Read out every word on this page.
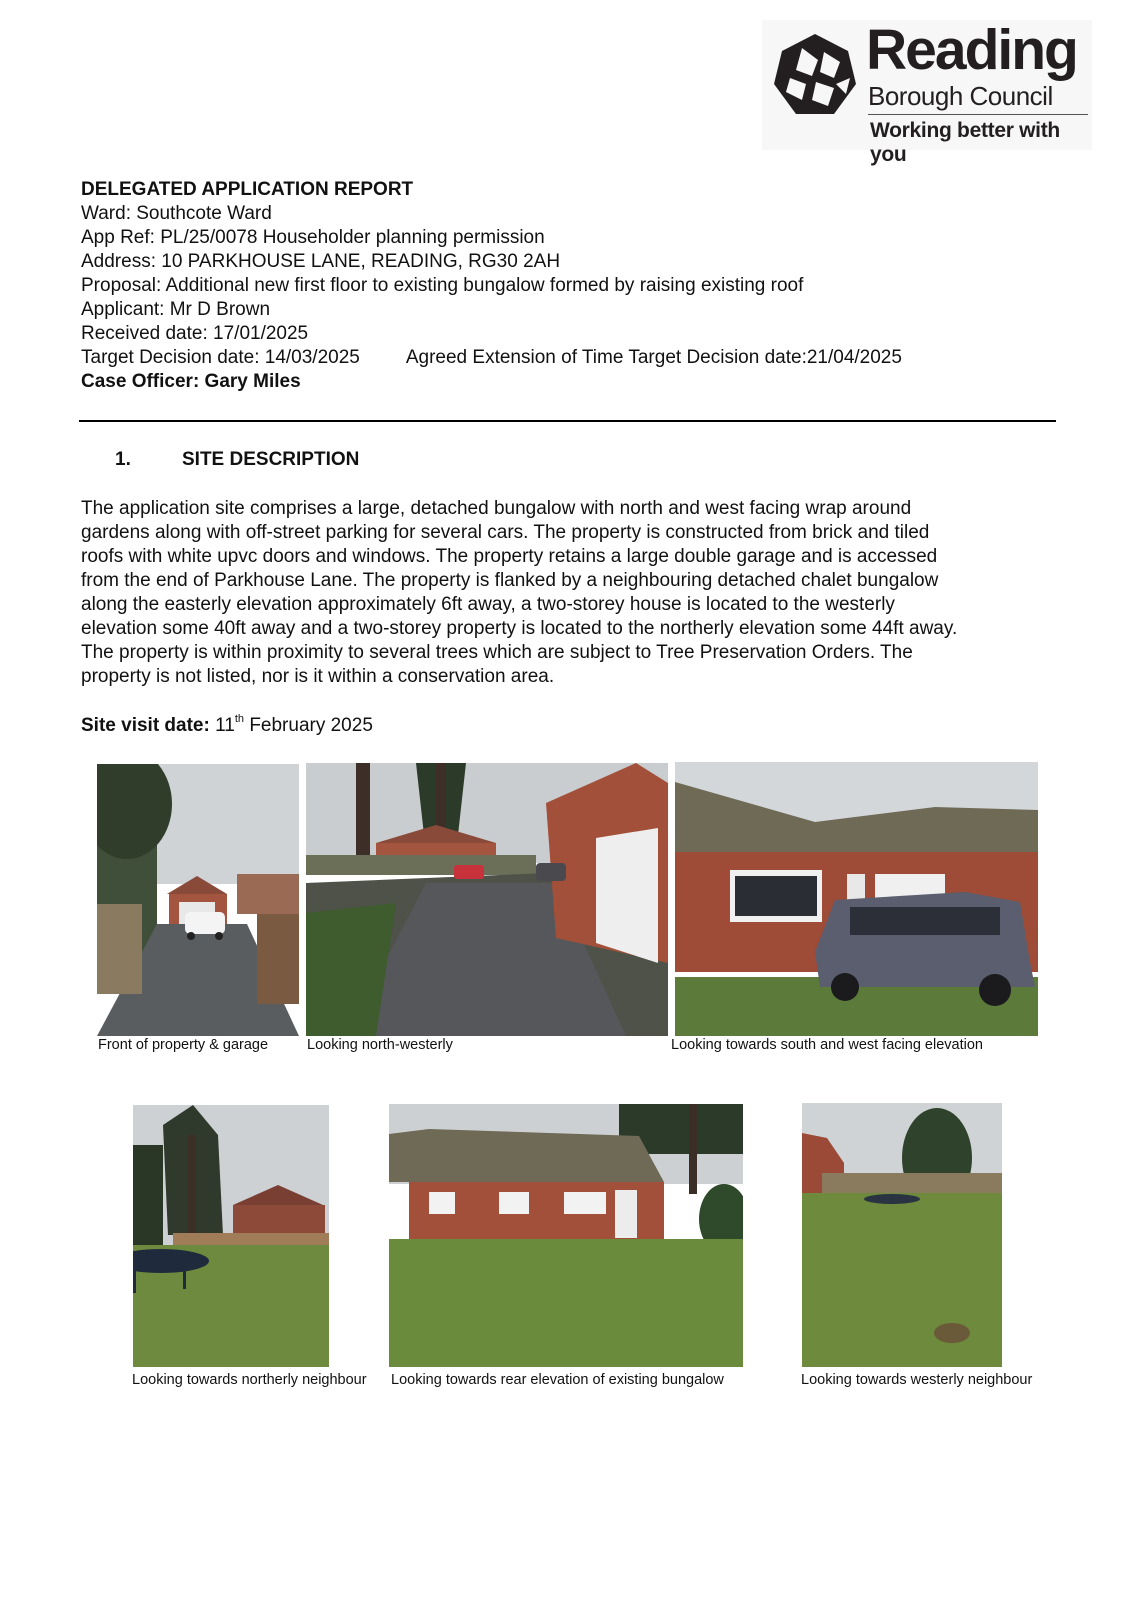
Reading
Borough Council
Working better with you
DELEGATED APPLICATION REPORT
Ward: Southcote Ward
App Ref: PL/25/0078 Householder planning permission
Address: 10 PARKHOUSE LANE, READING, RG30 2AH
Proposal: Additional new first floor to existing bungalow formed by raising existing roof
Applicant: Mr D Brown
Received date: 17/01/2025
Target Decision date: 14/03/2025 Agreed Extension of Time Target Decision date:21/04/2025
Case Officer: Gary Miles
1.	SITE DESCRIPTION
The application site comprises a large, detached bungalow with north and west facing wrap around
gardens along with off-street parking for several cars. The property is constructed from brick and tiled
roofs with white upvc doors and windows. The property retains a large double garage and is accessed
from the end of Parkhouse Lane. The property is flanked by a neighbouring detached chalet bungalow
along the easterly elevation approximately 6ft away, a two-storey house is located to the westerly
elevation some 40ft away and a two-storey property is located to the northerly elevation some 44ft away.
The property is within proximity to several trees which are subject to Tree Preservation Orders. The
property is not listed, nor is it within a conservation area.
Site visit date: 11th February 2025
Front of property & garage	Looking north-westerly	Looking towards south and west facing elevation
Looking towards northerly neighbour Looking towards rear elevation of existing bungalow	Looking towards westerly neighbour
